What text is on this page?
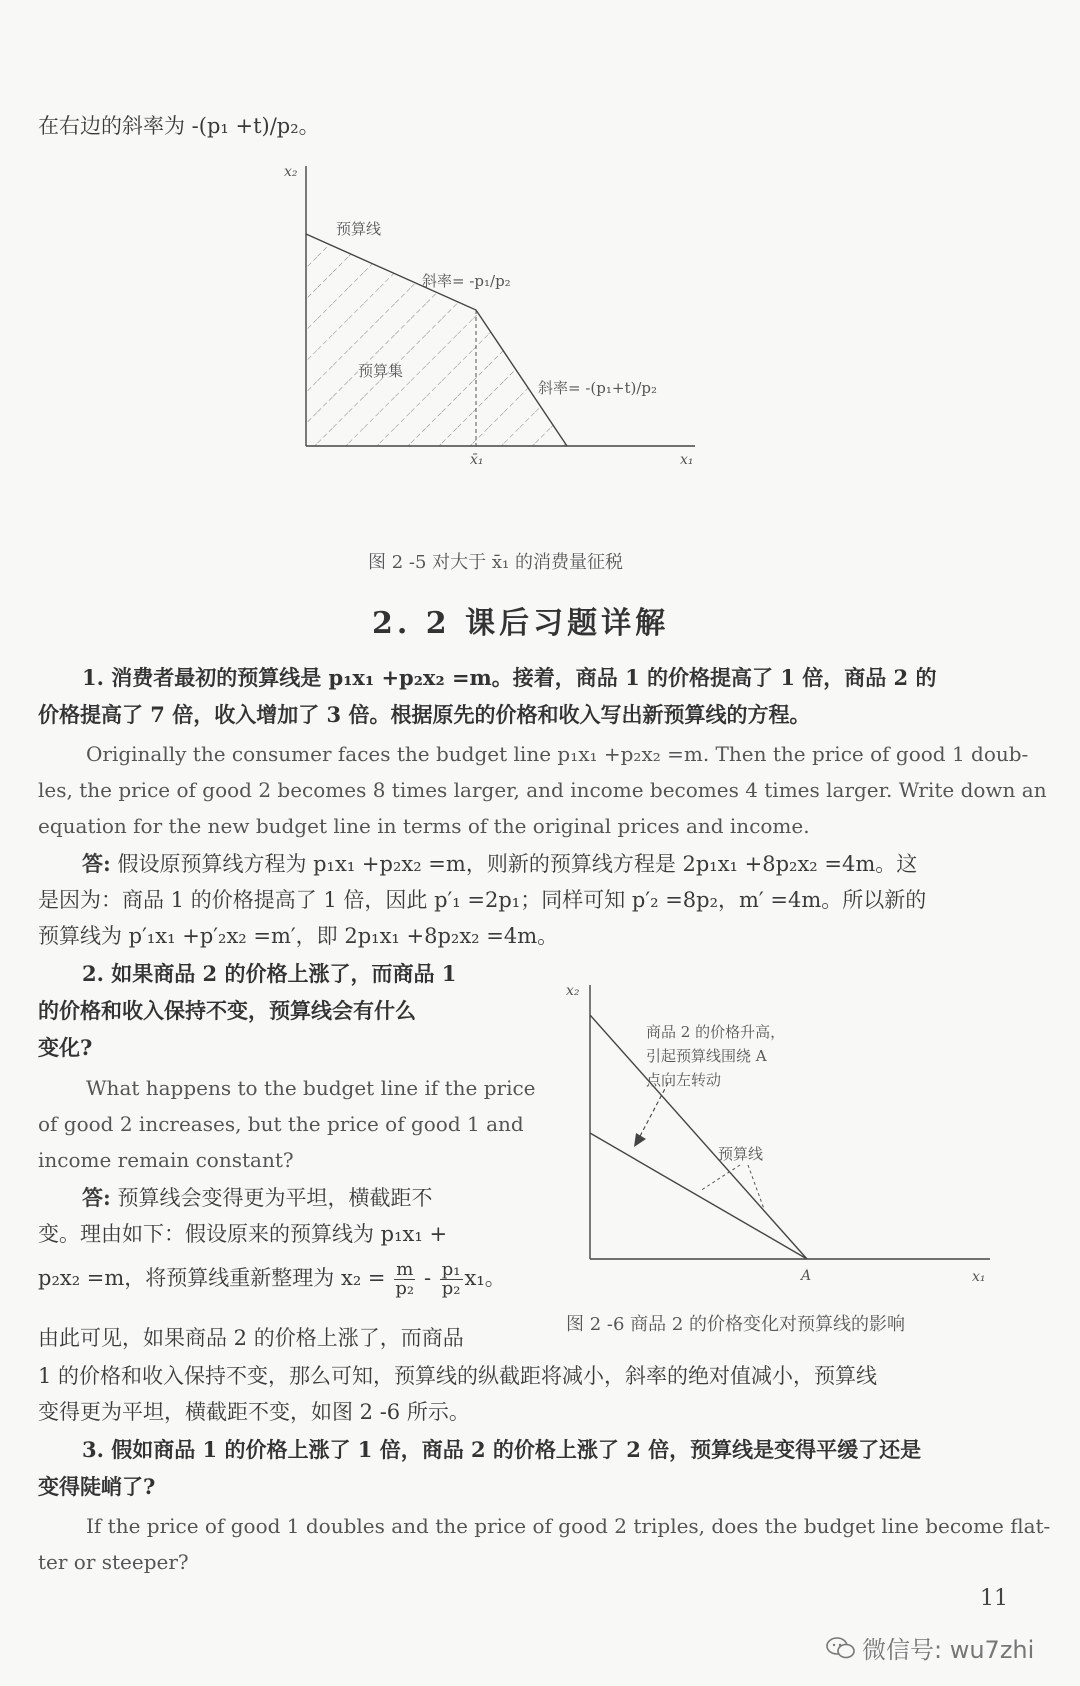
在右边的斜率为 -(p₁ +t)/p₂。
x₂
x₁
x̄₁
预算线
斜率= -p₁/p₂
预算集
斜率= -(p₁+t)/p₂
图 2 -5 对大于 x̄₁ 的消费量征税
2. 2 课后习题详解
1. 消费者最初的预算线是 p₁x₁ +p₂x₂ =m。接着，商品 1 的价格提高了 1 倍，商品 2 的
价格提高了 7 倍，收入增加了 3 倍。根据原先的价格和收入写出新预算线的方程。
Originally the consumer faces the budget line p₁x₁ +p₂x₂ =m. Then the price of good 1 doub-
les, the price of good 2 becomes 8 times larger, and income becomes 4 times larger. Write down an
equation for the new budget line in terms of the original prices and income.
答: 假设原预算线方程为 p₁x₁ +p₂x₂ =m，则新的预算线方程是 2p₁x₁ +8p₂x₂ =4m。这
是因为：商品 1 的价格提高了 1 倍，因此 p′₁ =2p₁；同样可知 p′₂ =8p₂，m′ =4m。所以新的
预算线为 p′₁x₁ +p′₂x₂ =m′，即 2p₁x₁ +8p₂x₂ =4m。
2. 如果商品 2 的价格上涨了，而商品 1
的价格和收入保持不变，预算线会有什么
变化?
What happens to the budget line if the price
of good 2 increases, but the price of good 1 and
income remain constant?
答: 预算线会变得更为平坦，横截距不
变。理由如下：假设原来的预算线为 p₁x₁ +
p₂x₂ =m，将预算线重新整理为 $x_2 = \frac{m}{\text{p₂}} - \frac{\text{p₁}}{\text{p₂}} x_1$。
由此可见，如果商品 2 的价格上涨了，而商品
1 的价格和收入保持不变，那么可知，预算线的纵截距将减小，斜率的绝对值减小，预算线
变得更为平坦，横截距不变，如图 2 -6 所示。
x₂
x₁
A
商品 2 的价格升高，
引起预算线围绕 A
点向左转动
预算线
图 2 -6 商品 2 的价格变化对预算线的影响
3. 假如商品 1 的价格上涨了 1 倍，商品 2 的价格上涨了 2 倍，预算线是变得平缓了还是
变得陡峭了?
If the price of good 1 doubles and the price of good 2 triples, does the budget line become flat-
ter or steeper?
11
微信号: wu7zhi
